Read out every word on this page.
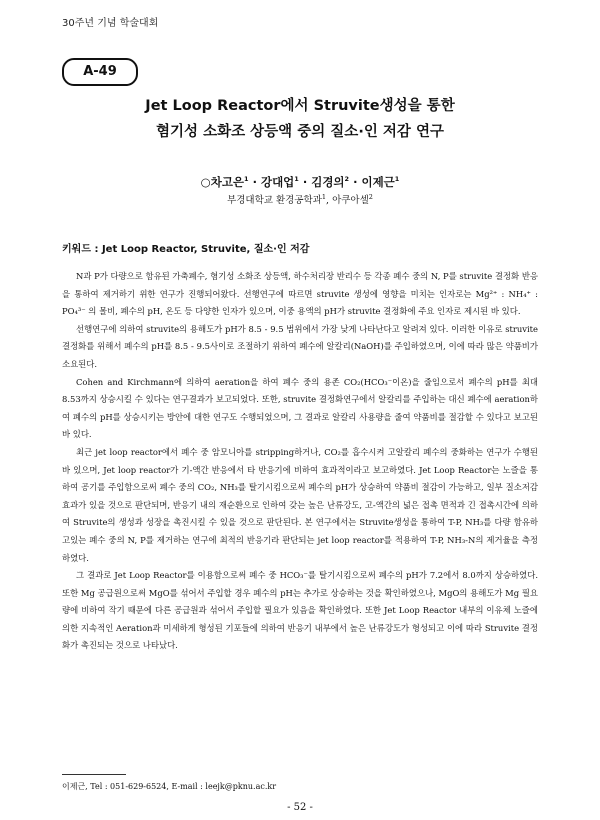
30주년 기념 학술대회
A-49
Jet Loop Reactor에서 Struvite생성을 통한
혐기성 소화조 상등액 중의 질소·인 저감 연구
○차고은$^1$ · 강대업$^1$ · 김경의$^2$ · 이제근$^1$
부경대학교 환경공학과$^1$, 아쿠아셀$^2$
키워드 : Jet Loop Reactor, Struvite, 질소·인 저감

N과 P가 다량으로 함유된 가축폐수, 혐기성 소화조 상등액, 하수처리장 반리수 등 각종 폐수 중의 N, P를 struvite 결정화 반응을 통하여 제거하기 위한 연구가 진행되어왔다. 선행연구에 따르면 struvite 생성에 영향을 미치는 인자로는 Mg²⁺ : NH₄⁺ : PO₄³⁻ 의 몰비, 폐수의 pH, 온도 등 다양한 인자가 있으며, 이중 용액의 pH가 struvite 결정화에 주요 인자로 제시된 바 있다.

선행연구에 의하여 struvite의 용해도가 pH가 8.5 - 9.5 범위에서 가장 낮게 나타난다고 알려져 있다. 이러한 이유로 struvite 결정화를 위해서 폐수의 pH를 8.5 - 9.5사이로 조절하기 위하여 폐수에 알칼리(NaOH)를 주입하였으며, 이에 따라 많은 약품비가 소요된다.

Cohen and Kirchmann에 의하여 aeration을 하여 폐수 중의 용존 CO₂(HCO₃⁻이온)을 줄임으로서 폐수의 pH를 최대 8.53까지 상승시킬 수 있다는 연구결과가 보고되었다. 또한, struvite 결정화연구에서 알칼리를 주입하는 대신 폐수에 aeration하여 폐수의 pH를 상승시키는 방안에 대한 연구도 수행되었으며, 그 결과로 알칼리 사용량을 줄여 약품비를 절감할 수 있다고 보고된 바 있다.

최근 jet loop reactor에서 폐수 중 암모니아를 stripping하거나, CO₂를 흡수시켜 고알칼리 폐수의 중화하는 연구가 수행된 바 있으며, Jet loop reactor가 기-액간 반응에서 타 반응기에 비하여 효과적이라고 보고하였다. Jet Loop Reactor는 노즐을 통하여 공기를 주입함으로써 폐수 중의 CO₂, NH₃를 탈기시킴으로써 폐수의 pH가 상승하여 약품비 절감이 가능하고, 일부 질소저감효과가 있을 것으로 판단되며, 반응기 내의 재순환으로 인하여 갖는 높은 난류강도, 고-액간의 넓은 접촉 면적과 긴 접촉시간에 의하여 Struvite의 생성과 성장을 촉진시킬 수 있을 것으로 판단된다. 본 연구에서는 Struvite생성을 통하여 T-P, NH₃를 다량 함유하고있는 폐수 중의 N, P를 제거하는 연구에 최적의 반응기라 판단되는 jet loop reactor를 적용하여 T-P, NH₃-N의 제거율을 측정하였다.

그 결과로 Jet Loop Reactor를 이용함으로써 폐수 중 HCO₃⁻를 탈기시킴으로써 폐수의 pH가 7.2에서 8.0까지 상승하였다. 또한 Mg 공급원으로써 MgO를 섞어서 주입할 경우 폐수의 pH는 추가로 상승하는 것을 확인하였으나, MgO의 용해도가 Mg 필요량에 비하여 작기 때문에 다른 공급원과 섞어서 주입할 필요가 있음을 확인하였다. 또한 Jet Loop Reactor 내부의 이유체 노즐에 의한 지속적인 Aeration과 미세하게 형성된 기포들에 의하여 반응기 내부에서 높은 난류강도가 형성되고 이에 따라 Struvite 결정화가 촉진되는 것으로 나타났다.

이제근, Tel : 051-629-6524, E-mail : leejk@pknu.ac.kr
- 52 -
